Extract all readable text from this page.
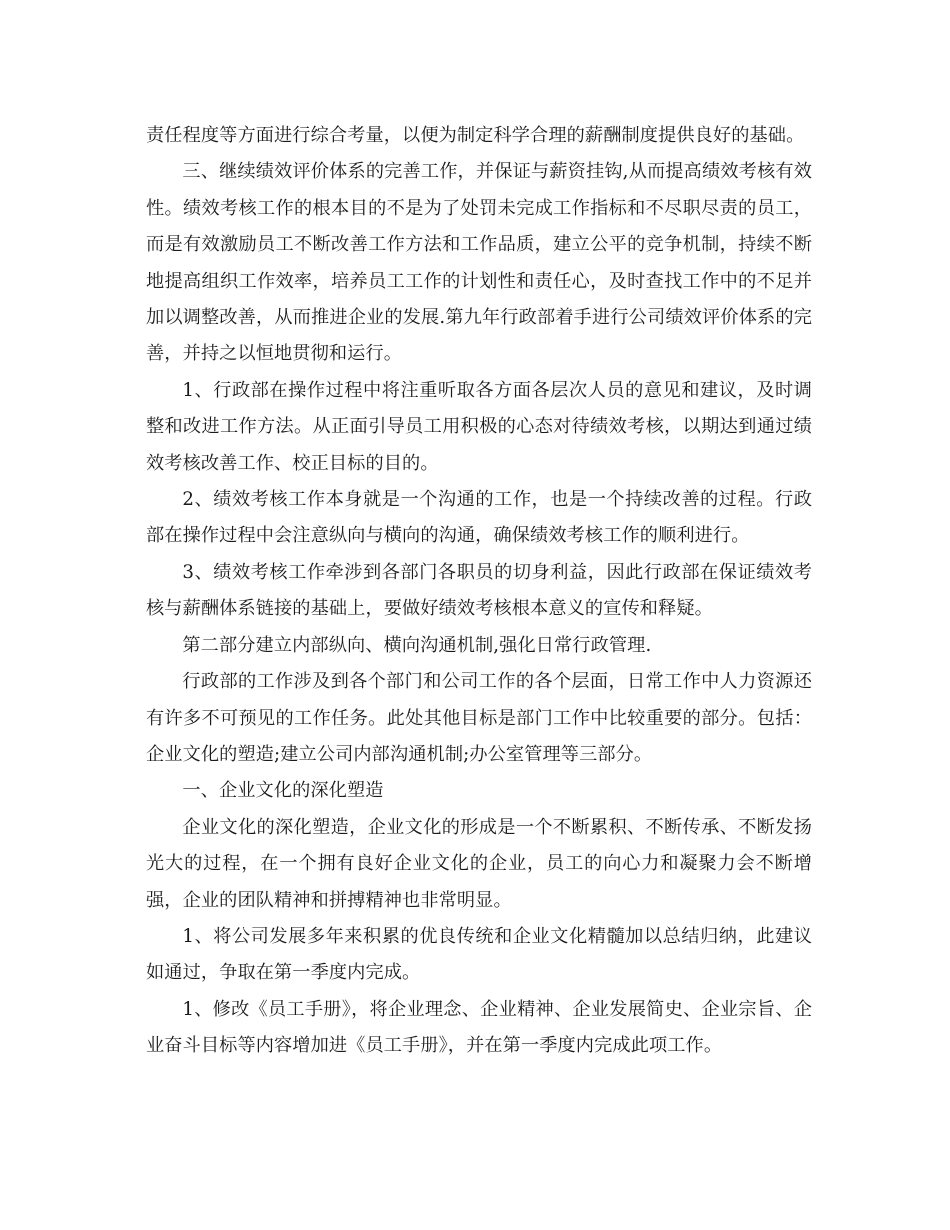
责任程度等方面进行综合考量，以便为制定科学合理的薪酬制度提供良好的基础。

三、继续绩效评价体系的完善工作，并保证与薪资挂钩,从而提高绩效考核有效性。绩效考核工作的根本目的不是为了处罚未完成工作指标和不尽职尽责的员工，而是有效激励员工不断改善工作方法和工作品质，建立公平的竞争机制，持续不断地提高组织工作效率，培养员工工作的计划性和责任心，及时查找工作中的不足并加以调整改善，从而推进企业的发展.第九年行政部着手进行公司绩效评价体系的完善，并持之以恒地贯彻和运行。

1、行政部在操作过程中将注重听取各方面各层次人员的意见和建议，及时调整和改进工作方法。从正面引导员工用积极的心态对待绩效考核，以期达到通过绩效考核改善工作、校正目标的目的。

2、绩效考核工作本身就是一个沟通的工作，也是一个持续改善的过程。行政部在操作过程中会注意纵向与横向的沟通，确保绩效考核工作的顺利进行。

3、绩效考核工作牵涉到各部门各职员的切身利益，因此行政部在保证绩效考核与薪酬体系链接的基础上，要做好绩效考核根本意义的宣传和释疑。

第二部分建立内部纵向、横向沟通机制,强化日常行政管理.

行政部的工作涉及到各个部门和公司工作的各个层面，日常工作中人力资源还有许多不可预见的工作任务。此处其他目标是部门工作中比较重要的部分。包括：企业文化的塑造;建立公司内部沟通机制;办公室管理等三部分。

一、企业文化的深化塑造

企业文化的深化塑造，企业文化的形成是一个不断累积、不断传承、不断发扬光大的过程，在一个拥有良好企业文化的企业，员工的向心力和凝聚力会不断增强，企业的团队精神和拼搏精神也非常明显。

1、将公司发展多年来积累的优良传统和企业文化精髓加以总结归纳，此建议如通过，争取在第一季度内完成。

1、修改《员工手册》，将企业理念、企业精神、企业发展简史、企业宗旨、企业奋斗目标等内容增加进《员工手册》，并在第一季度内完成此项工作。
